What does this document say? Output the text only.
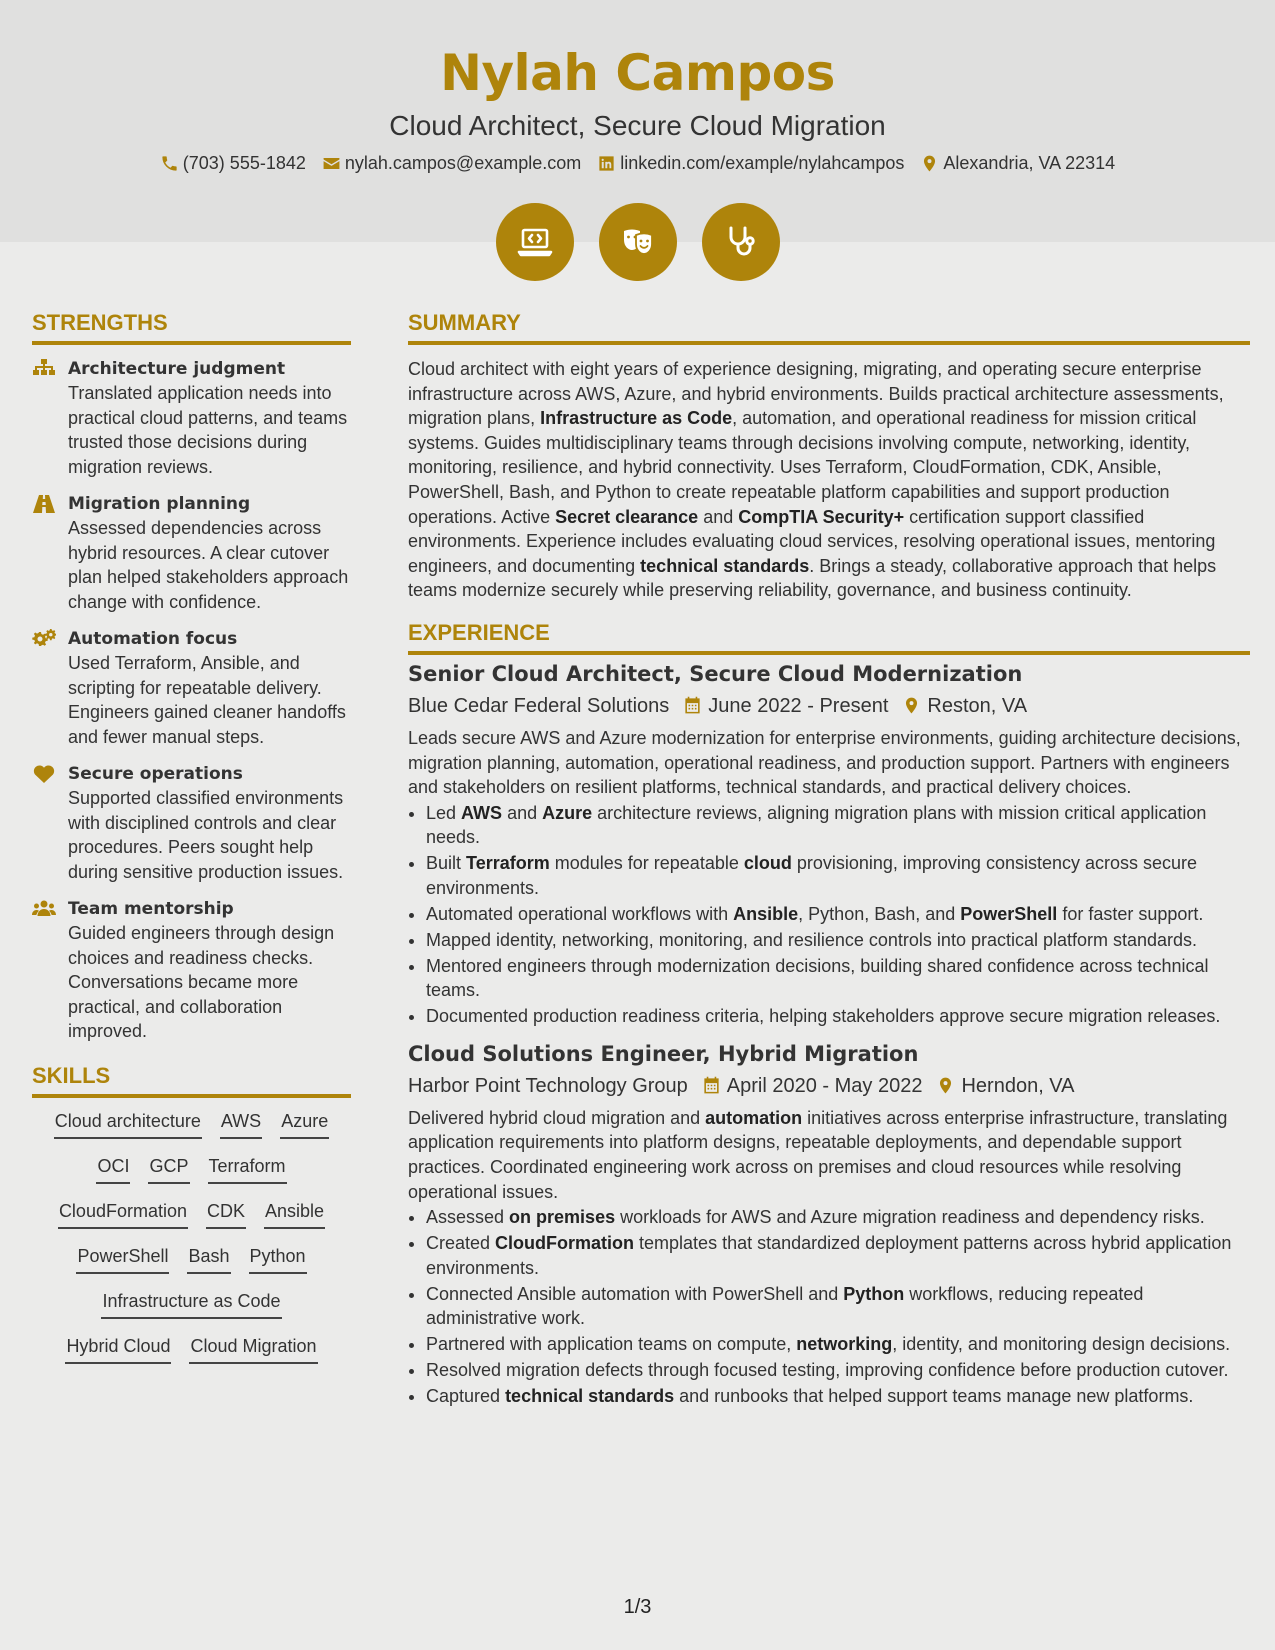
Nylah Campos
Cloud Architect, Secure Cloud Migration
(703) 555-1842 nylah.campos@example.com linkedin.com/example/nylahcampos Alexandria, VA 22314
STRENGTHS
Architecture judgment
Translated application needs into practical cloud patterns, and teams trusted those decisions during migration reviews.
Migration planning
Assessed dependencies across hybrid resources. A clear cutover plan helped stakeholders approach change with confidence.
Automation focus
Used Terraform, Ansible, and scripting for repeatable delivery. Engineers gained cleaner handoffs and fewer manual steps.
Secure operations
Supported classified environments with disciplined controls and clear procedures. Peers sought help during sensitive production issues.
Team mentorship
Guided engineers through design choices and readiness checks. Conversations became more practical, and collaboration improved.
SKILLS
Cloud architecture AWS Azure
OCI GCP Terraform
CloudFormation CDK Ansible
PowerShell Bash Python
Infrastructure as Code
Hybrid Cloud Cloud Migration
SUMMARY
Cloud architect with eight years of experience designing, migrating, and operating secure enterprise infrastructure across AWS, Azure, and hybrid environments. Builds practical architecture assessments, migration plans, Infrastructure as Code, automation, and operational readiness for mission critical systems. Guides multidisciplinary teams through decisions involving compute, networking, identity, monitoring, resilience, and hybrid connectivity. Uses Terraform, CloudFormation, CDK, Ansible, PowerShell, Bash, and Python to create repeatable platform capabilities and support production operations. Active Secret clearance and CompTIA Security+ certification support classified environments. Experience includes evaluating cloud services, resolving operational issues, mentoring engineers, and documenting technical standards. Brings a steady, collaborative approach that helps teams modernize securely while preserving reliability, governance, and business continuity.
EXPERIENCE
Senior Cloud Architect, Secure Cloud Modernization
Blue Cedar Federal Solutions June 2022 - Present Reston, VA
Leads secure AWS and Azure modernization for enterprise environments, guiding architecture decisions, migration planning, automation, operational readiness, and production support. Partners with engineers and stakeholders on resilient platforms, technical standards, and practical delivery choices.
• Led AWS and Azure architecture reviews, aligning migration plans with mission critical application needs.
• Built Terraform modules for repeatable cloud provisioning, improving consistency across secure environments.
• Automated operational workflows with Ansible, Python, Bash, and PowerShell for faster support.
• Mapped identity, networking, monitoring, and resilience controls into practical platform standards.
• Mentored engineers through modernization decisions, building shared confidence across technical teams.
• Documented production readiness criteria, helping stakeholders approve secure migration releases.
Cloud Solutions Engineer, Hybrid Migration
Harbor Point Technology Group April 2020 - May 2022 Herndon, VA
Delivered hybrid cloud migration and automation initiatives across enterprise infrastructure, translating application requirements into platform designs, repeatable deployments, and dependable support practices. Coordinated engineering work across on premises and cloud resources while resolving operational issues.
• Assessed on premises workloads for AWS and Azure migration readiness and dependency risks.
• Created CloudFormation templates that standardized deployment patterns across hybrid application environments.
• Connected Ansible automation with PowerShell and Python workflows, reducing repeated administrative work.
• Partnered with application teams on compute, networking, identity, and monitoring design decisions.
• Resolved migration defects through focused testing, improving confidence before production cutover.
• Captured technical standards and runbooks that helped support teams manage new platforms.
1/3
